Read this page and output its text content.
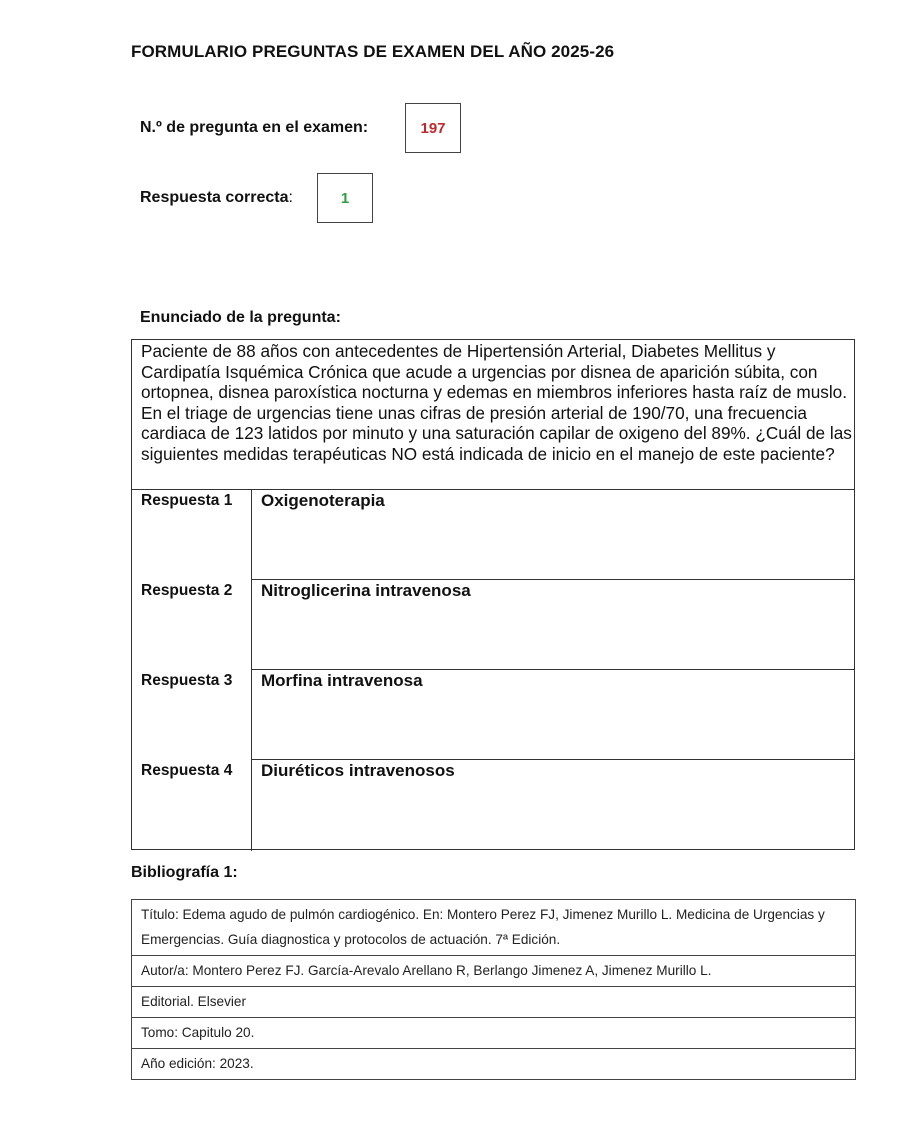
FORMULARIO PREGUNTAS DE EXAMEN DEL AÑO 2025-26
N.º de pregunta en el examen:	197
Respuesta correcta:	1
Enunciado de la pregunta:
Paciente de 88 años con antecedentes de Hipertensión Arterial, Diabetes Mellitus y Cardipatía Isquémica Crónica que acude a urgencias por disnea de aparición súbita, con ortopnea, disnea paroxística nocturna y edemas en miembros inferiores hasta raíz de muslo. En el triage de urgencias tiene unas cifras de presión arterial de 190/70, una frecuencia cardiaca de 123 latidos por minuto y una saturación capilar de oxigeno del 89%. ¿Cuál de las siguientes medidas terapéuticas NO está indicada de inicio en el manejo de este paciente?
Respuesta 1 Oxigenoterapia
Respuesta 2 Nitroglicerina intravenosa
Respuesta 3 Morfina intravenosa
Respuesta 4 Diuréticos intravenosos
Bibliografía 1:
Título: Edema agudo de pulmón cardiogénico. En: Montero Perez FJ, Jimenez Murillo L. Medicina de Urgencias y Emergencias. Guía diagnostica y protocolos de actuación. 7ª Edición.
Autor/a: Montero Perez FJ. García-Arevalo Arellano R, Berlango Jimenez A, Jimenez Murillo L.
Editorial. Elsevier
Tomo: Capitulo 20.
Año edición: 2023.
